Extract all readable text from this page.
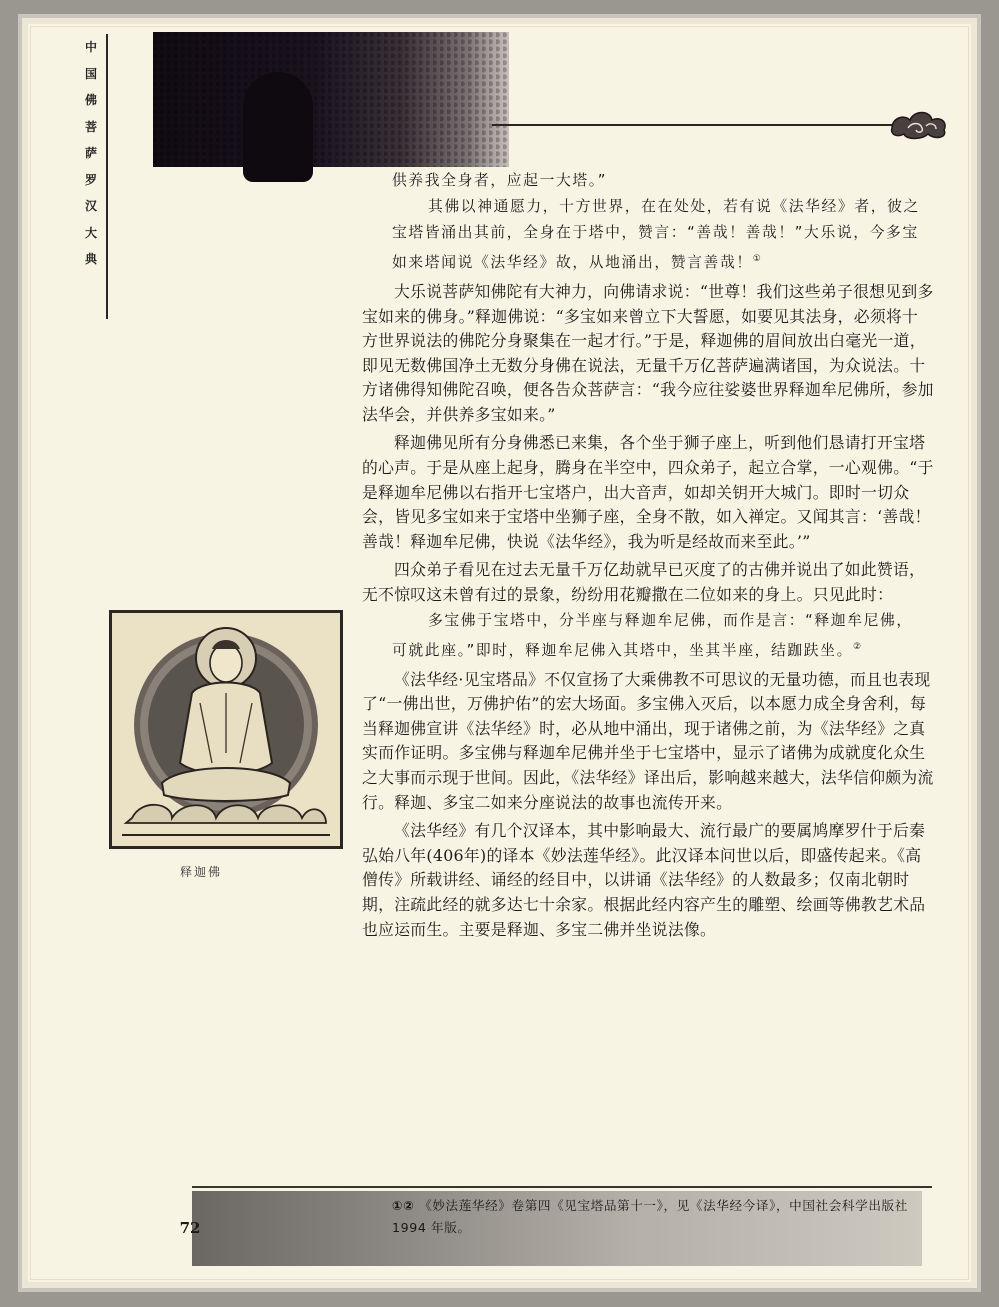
中国佛菩萨罗汉大典

供养我全身者，应起一大塔。”

其佛以神通愿力，十方世界，在在处处，若有说《法华经》者，彼之宝塔皆涌出其前，全身在于塔中，赞言：“善哉！善哉！”大乐说，今多宝如来塔闻说《法华经》故，从地涌出，赞言善哉！①

大乐说菩萨知佛陀有大神力，向佛请求说：“世尊！我们这些弟子很想见到多宝如来的佛身。”释迦佛说：“多宝如来曾立下大誓愿，如要见其法身，必须将十方世界说法的佛陀分身聚集在一起才行。”于是，释迦佛的眉间放出白毫光一道，即见无数佛国净土无数分身佛在说法，无量千万亿菩萨遍满诸国，为众说法。十方诸佛得知佛陀召唤，便各告众菩萨言：“我今应往娑婆世界释迦牟尼佛所，参加法华会，并供养多宝如来。”

释迦佛见所有分身佛悉已来集，各个坐于狮子座上，听到他们恳请打开宝塔的心声。于是从座上起身，腾身在半空中，四众弟子，起立合掌，一心观佛。“于是释迦牟尼佛以右指开七宝塔户，出大音声，如却关钥开大城门。即时一切众会，皆见多宝如来于宝塔中坐狮子座，全身不散，如入禅定。又闻其言：‘善哉！善哉！释迦牟尼佛，快说《法华经》，我为听是经故而来至此。’”

四众弟子看见在过去无量千万亿劫就早已灭度了的古佛并说出了如此赞语，无不惊叹这未曾有过的景象，纷纷用花瓣撒在二位如来的身上。只见此时：

多宝佛于宝塔中，分半座与释迦牟尼佛，而作是言：“释迦牟尼佛，可就此座。”即时，释迦牟尼佛入其塔中，坐其半座，结跏趺坐。②

《法华经·见宝塔品》不仅宣扬了大乘佛教不可思议的无量功德，而且也表现了“一佛出世，万佛护佑”的宏大场面。多宝佛入灭后，以本愿力成全身舍利，每当释迦佛宣讲《法华经》时，必从地中涌出，现于诸佛之前，为《法华经》之真实而作证明。多宝佛与释迦牟尼佛并坐于七宝塔中，显示了诸佛为成就度化众生之大事而示现于世间。因此，《法华经》译出后，影响越来越大，法华信仰颇为流行。释迦、多宝二如来分座说法的故事也流传开来。

《法华经》有几个汉译本，其中影响最大、流行最广的要属鸠摩罗什于后秦弘始八年(406年)的译本《妙法莲华经》。此汉译本问世以后，即盛传起来。《高僧传》所载讲经、诵经的经目中，以讲诵《法华经》的人数最多；仅南北朝时期，注疏此经的就多达七十余家。根据此经内容产生的雕塑、绘画等佛教艺术品也应运而生。主要是释迦、多宝二佛并坐说法像。

释迦佛
72
①② 《妙法莲华经》卷第四《见宝塔品第十一》，见《法华经今译》，中国社会科学出版社 1994 年版。
